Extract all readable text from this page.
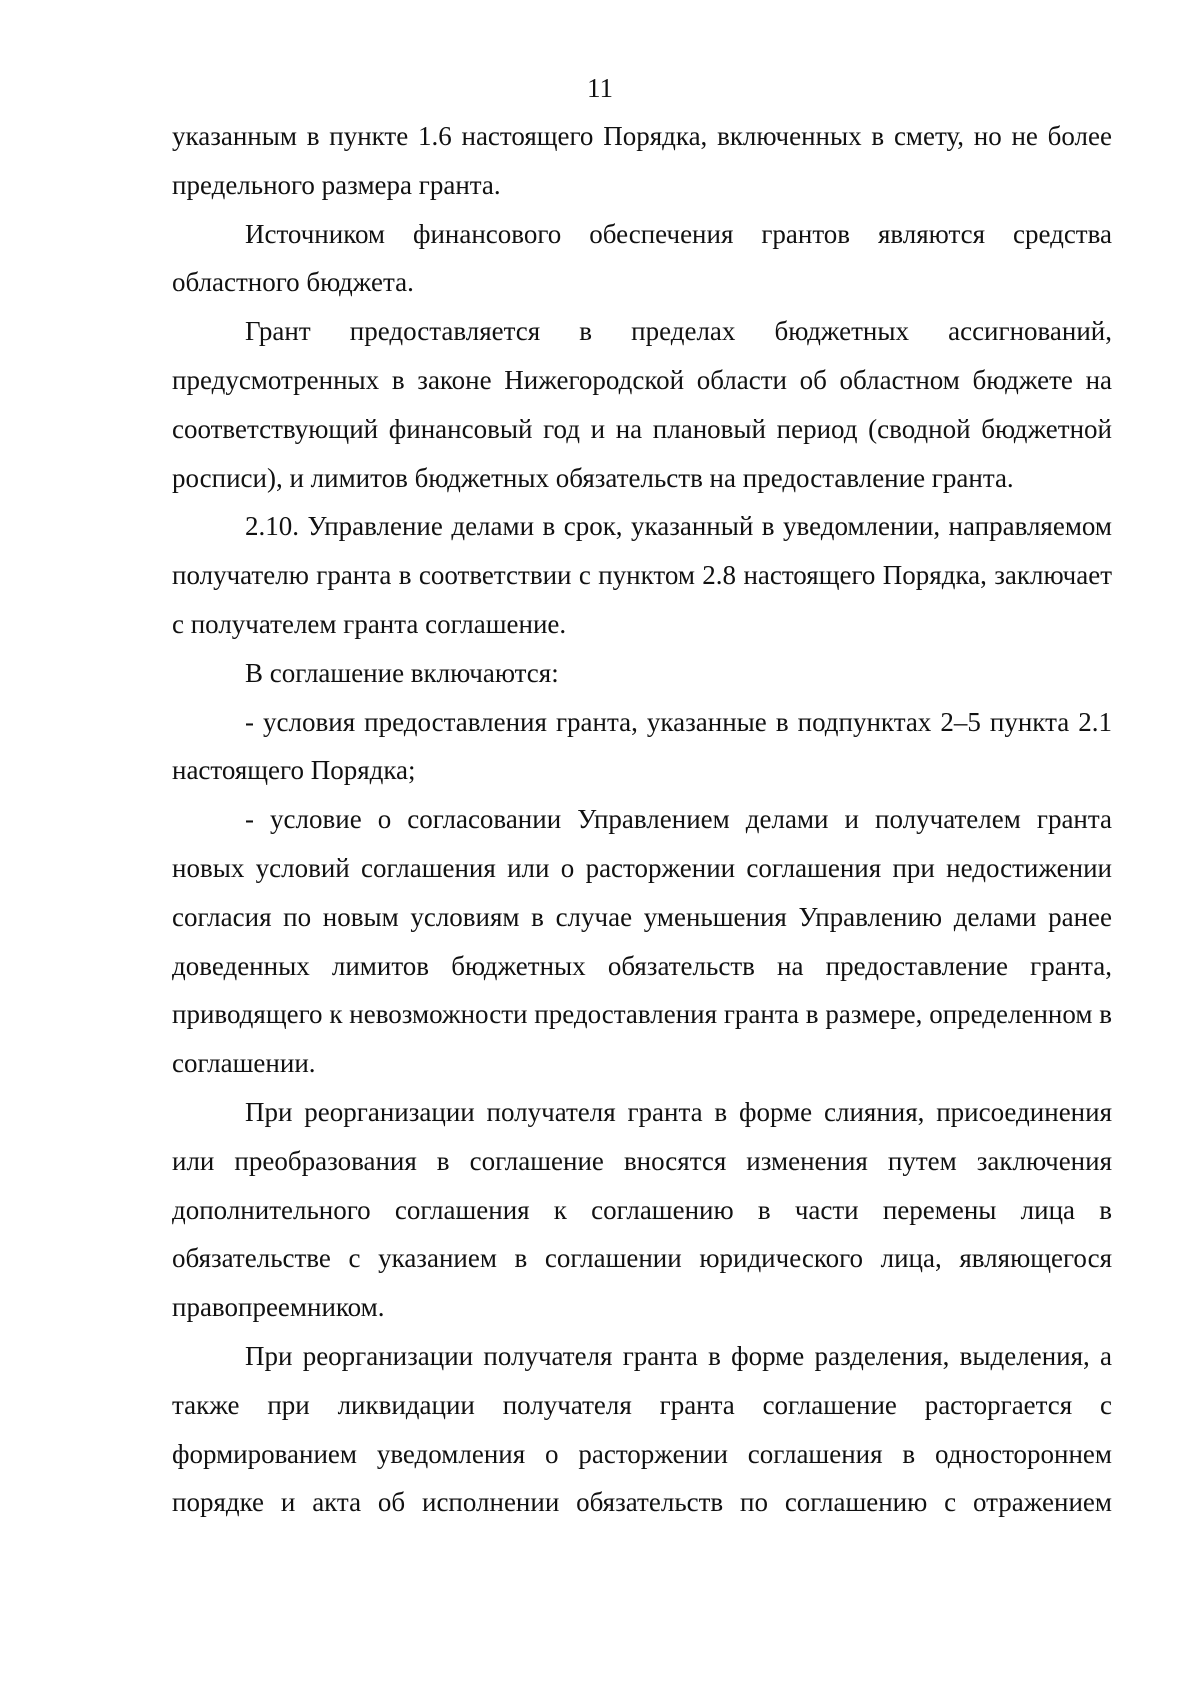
11

указанным в пункте 1.6 настоящего Порядка, включенных в смету, но не более предельного размера гранта.

Источником финансового обеспечения грантов являются средства областного бюджета.

Грант предоставляется в пределах бюджетных ассигнований, предусмотренных в законе Нижегородской области об областном бюджете на соответствующий финансовый год и на плановый период (сводной бюджетной росписи), и лимитов бюджетных обязательств на предоставление гранта.

2.10. Управление делами в срок, указанный в уведомлении, направляемом получателю гранта в соответствии с пунктом 2.8 настоящего Порядка, заключает с получателем гранта соглашение.

В соглашение включаются:

- условия предоставления гранта, указанные в подпунктах 2–5 пункта 2.1 настоящего Порядка;

- условие о согласовании Управлением делами и получателем гранта новых условий соглашения или о расторжении соглашения при недостижении согласия по новым условиям в случае уменьшения Управлению делами ранее доведенных лимитов бюджетных обязательств на предоставление гранта, приводящего к невозможности предоставления гранта в размере, определенном в соглашении.

При реорганизации получателя гранта в форме слияния, присоединения или преобразования в соглашение вносятся изменения путем заключения дополнительного соглашения к соглашению в части перемены лица в обязательстве с указанием в соглашении юридического лица, являющегося правопреемником.

При реорганизации получателя гранта в форме разделения, выделения, а также при ликвидации получателя гранта соглашение расторгается с формированием уведомления о расторжении соглашения в одностороннем порядке и акта об исполнении обязательств по соглашению с отражением
